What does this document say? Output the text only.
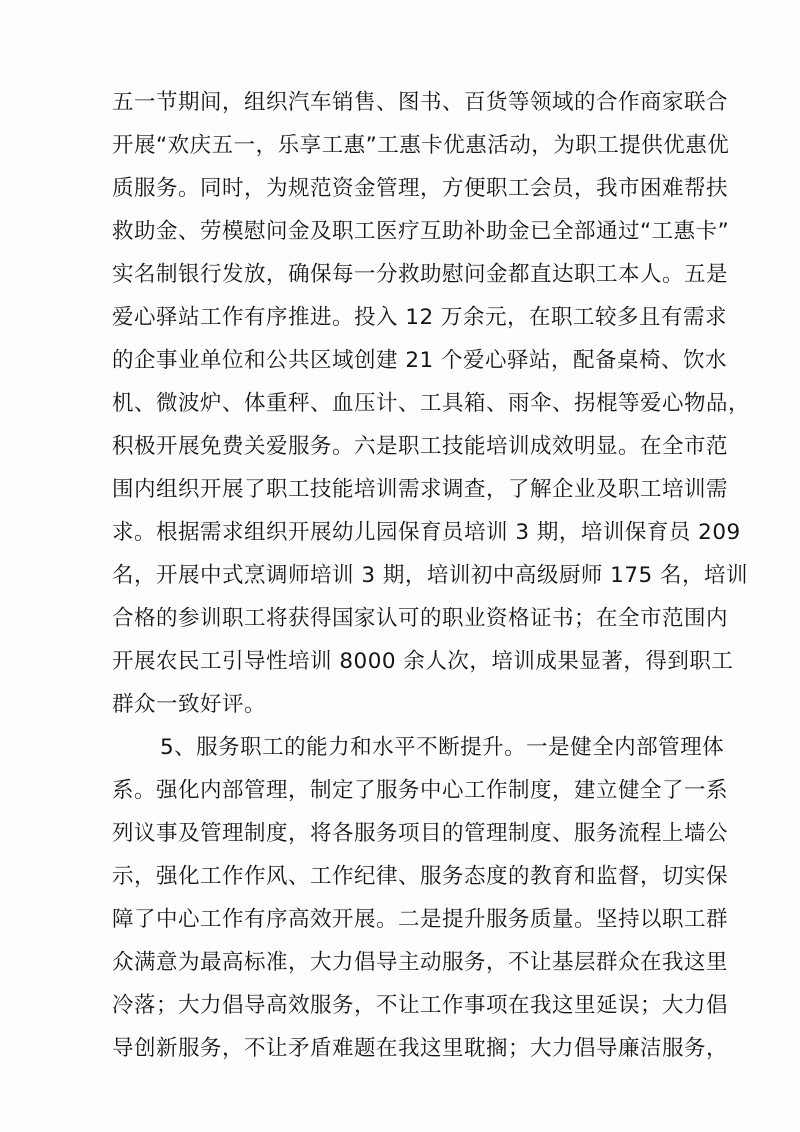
五一节期间，组织汽车销售、图书、百货等领域的合作商家联合
开展“欢庆五一，乐享工惠”工惠卡优惠活动，为职工提供优惠优
质服务。同时，为规范资金管理，方便职工会员，我市困难帮扶
救助金、劳模慰问金及职工医疗互助补助金已全部通过“工惠卡”
实名制银行发放，确保每一分救助慰问金都直达职工本人。五是
爱心驿站工作有序推进。投入 12 万余元，在职工较多且有需求
的企事业单位和公共区域创建 21 个爱心驿站，配备桌椅、饮水
机、微波炉、体重秤、血压计、工具箱、雨伞、拐棍等爱心物品，
积极开展免费关爱服务。六是职工技能培训成效明显。在全市范
围内组织开展了职工技能培训需求调查，了解企业及职工培训需
求。根据需求组织开展幼儿园保育员培训 3 期，培训保育员 209
名，开展中式烹调师培训 3 期，培训初中高级厨师 175 名，培训
合格的参训职工将获得国家认可的职业资格证书；在全市范围内
开展农民工引导性培训 8000 余人次，培训成果显著，得到职工
群众一致好评。
5、服务职工的能力和水平不断提升。一是健全内部管理体
系。强化内部管理，制定了服务中心工作制度，建立健全了一系
列议事及管理制度，将各服务项目的管理制度、服务流程上墙公
示，强化工作作风、工作纪律、服务态度的教育和监督，切实保
障了中心工作有序高效开展。二是提升服务质量。坚持以职工群
众满意为最高标准，大力倡导主动服务，不让基层群众在我这里
冷落；大力倡导高效服务，不让工作事项在我这里延误；大力倡
导创新服务，不让矛盾难题在我这里耽搁；大力倡导廉洁服务，
